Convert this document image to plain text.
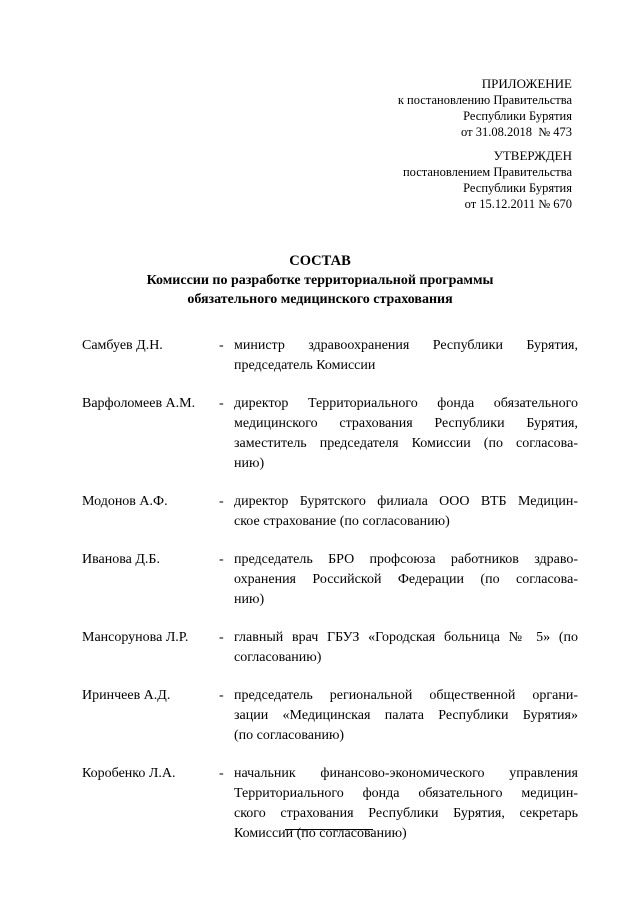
ПРИЛОЖЕНИЕ
к постановлению Правительства
Республики Бурятия
от 31.08.2018  № 473
УТВЕРЖДЕН
постановлением Правительства
Республики Бурятия
от 15.12.2011 № 670
СОСТАВ
Комиссии по разработке территориальной программы
обязательного медицинского страхования
Самбуев Д.Н.	- министр здравоохранения Республики Бурятия,
председатель Комиссии
Варфоломеев А.М.	- директор Территориального фонда обязательного
медицинского страхования Республики Бурятия,
заместитель председателя Комиссии (по согласова-
нию)
Модонов А.Ф.	- директор Бурятского филиала ООО ВТБ Медицин-
ское страхование (по согласованию)
Иванова Д.Б.	- председатель БРО профсоюза работников здраво-
охранения Российской Федерации (по согласова-
нию)
Мансорунова Л.Р.	- главный врач ГБУЗ «Городская больница № 5» (по
согласованию)
Иринчеев А.Д.	- председатель региональной общественной органи-
зации «Медицинская палата Республики Бурятия»
(по согласованию)
Коробенко Л.А.	- начальник финансово-экономического управления
Территориального фонда обязательного медицин-
ского страхования Республики Бурятия, секретарь
Комиссии (по согласованию)
